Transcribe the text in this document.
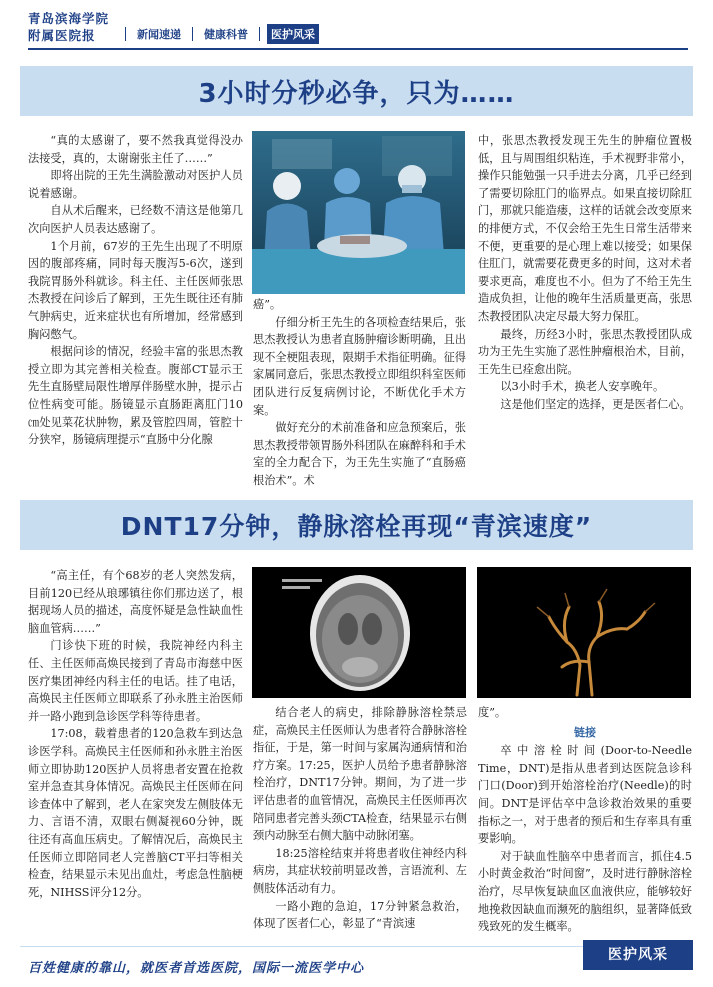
青岛滨海学院
附属医院报	新闻速递	健康科普	医护风采
3小时分秒必争，只为……

“真的太感谢了，要不然我真觉得没办法接受，真的，太谢谢张主任了……”

即将出院的王先生满脸激动对医护人员说着感谢。

自从术后醒来，已经数不清这是他第几次向医护人员表达感谢了。

1个月前，67岁的王先生出现了不明原因的腹部疼痛，同时每天腹泻5-6次，遂到我院胃肠外科就诊。科主任、主任医师张思杰教授在问诊后了解到，王先生既往还有肺气肿病史，近来症状也有所增加，经常感到胸闷憋气。

根据问诊的情况，经验丰富的张思杰教授立即为其完善相关检查。腹部CT显示王先生直肠壁局限性增厚伴肠壁水肿，提示占位性病变可能。肠镜显示直肠距离肛门10㎝处见菜花状肿物，累及管腔四周，管腔十分狭窄，肠镜病理提示“直肠中分化腺

癌”。

仔细分析王先生的各项检查结果后，张思杰教授认为患者直肠肿瘤诊断明确，且出现不全梗阻表现，限期手术指征明确。征得家属同意后，张思杰教授立即组织科室医师团队进行反复病例讨论，不断优化手术方案。

做好充分的术前准备和应急预案后，张思杰教授带领胃肠外科团队在麻醉科和手术室的全力配合下，为王先生实施了“直肠癌根治术”。术

中，张思杰教授发现王先生的肿瘤位置极低，且与周围组织粘连，手术视野非常小，操作只能勉强一只手进去分离，几乎已经到了需要切除肛门的临界点。如果直接切除肛门，那就只能造瘘，这样的话就会改变原来的排便方式，不仅会给王先生日常生活带来不便，更重要的是心理上难以接受；如果保住肛门，就需要花费更多的时间，这对术者要求更高，难度也不小。但为了不给王先生造成负担，让他的晚年生活质量更高，张思杰教授团队决定尽最大努力保肛。

最终，历经3小时，张思杰教授团队成功为王先生实施了恶性肿瘤根治术，目前，王先生已痊愈出院。

以3小时手术，换老人安享晚年。

这是他们坚定的选择，更是医者仁心。

DNT17分钟，静脉溶栓再现“青滨速度”

“高主任，有个68岁的老人突然发病，目前120已经从琅琊镇往你们那边送了，根据现场人员的描述，高度怀疑是急性缺血性脑血管病……”

门诊快下班的时候，我院神经内科主任、主任医师高焕民接到了青岛市海慈中医医疗集团神经内科主任的电话。挂了电话，高焕民主任医师立即联系了孙永胜主治医师并一路小跑到急诊医学科等待患者。

17:08，载着患者的120急救车到达急诊医学科。高焕民主任医师和孙永胜主治医师立即协助120医护人员将患者安置在抢救室并急查其身体情况。高焕民主任医师在问诊查体中了解到，老人在家突发左侧肢体无力、言语不清，双眼右侧凝视60分钟，既往还有高血压病史。了解情况后，高焕民主任医师立即陪同老人完善脑CT平扫等相关检查，结果显示未见出血灶，考虑急性脑梗死，NIHSS评分12分。

结合老人的病史，排除静脉溶栓禁忌症，高焕民主任医师认为患者符合静脉溶栓指征，于是，第一时间与家属沟通病情和治疗方案。17:25，医护人员给予患者静脉溶栓治疗，DNT17分钟。期间，为了进一步评估患者的血管情况，高焕民主任医师再次陪同患者完善头颈CTA检查，结果显示右侧颈内动脉至右侧大脑中动脉闭塞。

18:25溶栓结束并将患者收住神经内科病房，其症状较前明显改善，言语流利、左侧肢体活动有力。

一路小跑的急迫，17分钟紧急救治，体现了医者仁心，彰显了“青滨速

度”。

链接

卒中溶栓时间(Door-to-Needle Time，DNT)是指从患者到达医院急诊科门口(Door)到开始溶栓治疗(Needle)的时间。DNT是评估卒中急诊救治效果的重要指标之一，对于患者的预后和生存率具有重要影响。

对于缺血性脑卒中患者而言，抓住4.5小时黄金救治“时间窗”，及时进行静脉溶栓治疗，尽早恢复缺血区血液供应，能够较好地挽救因缺血而濒死的脑组织，显著降低致残致死的发生概率。

百姓健康的靠山，就医者首选医院，国际一流医学中心
医护风采
